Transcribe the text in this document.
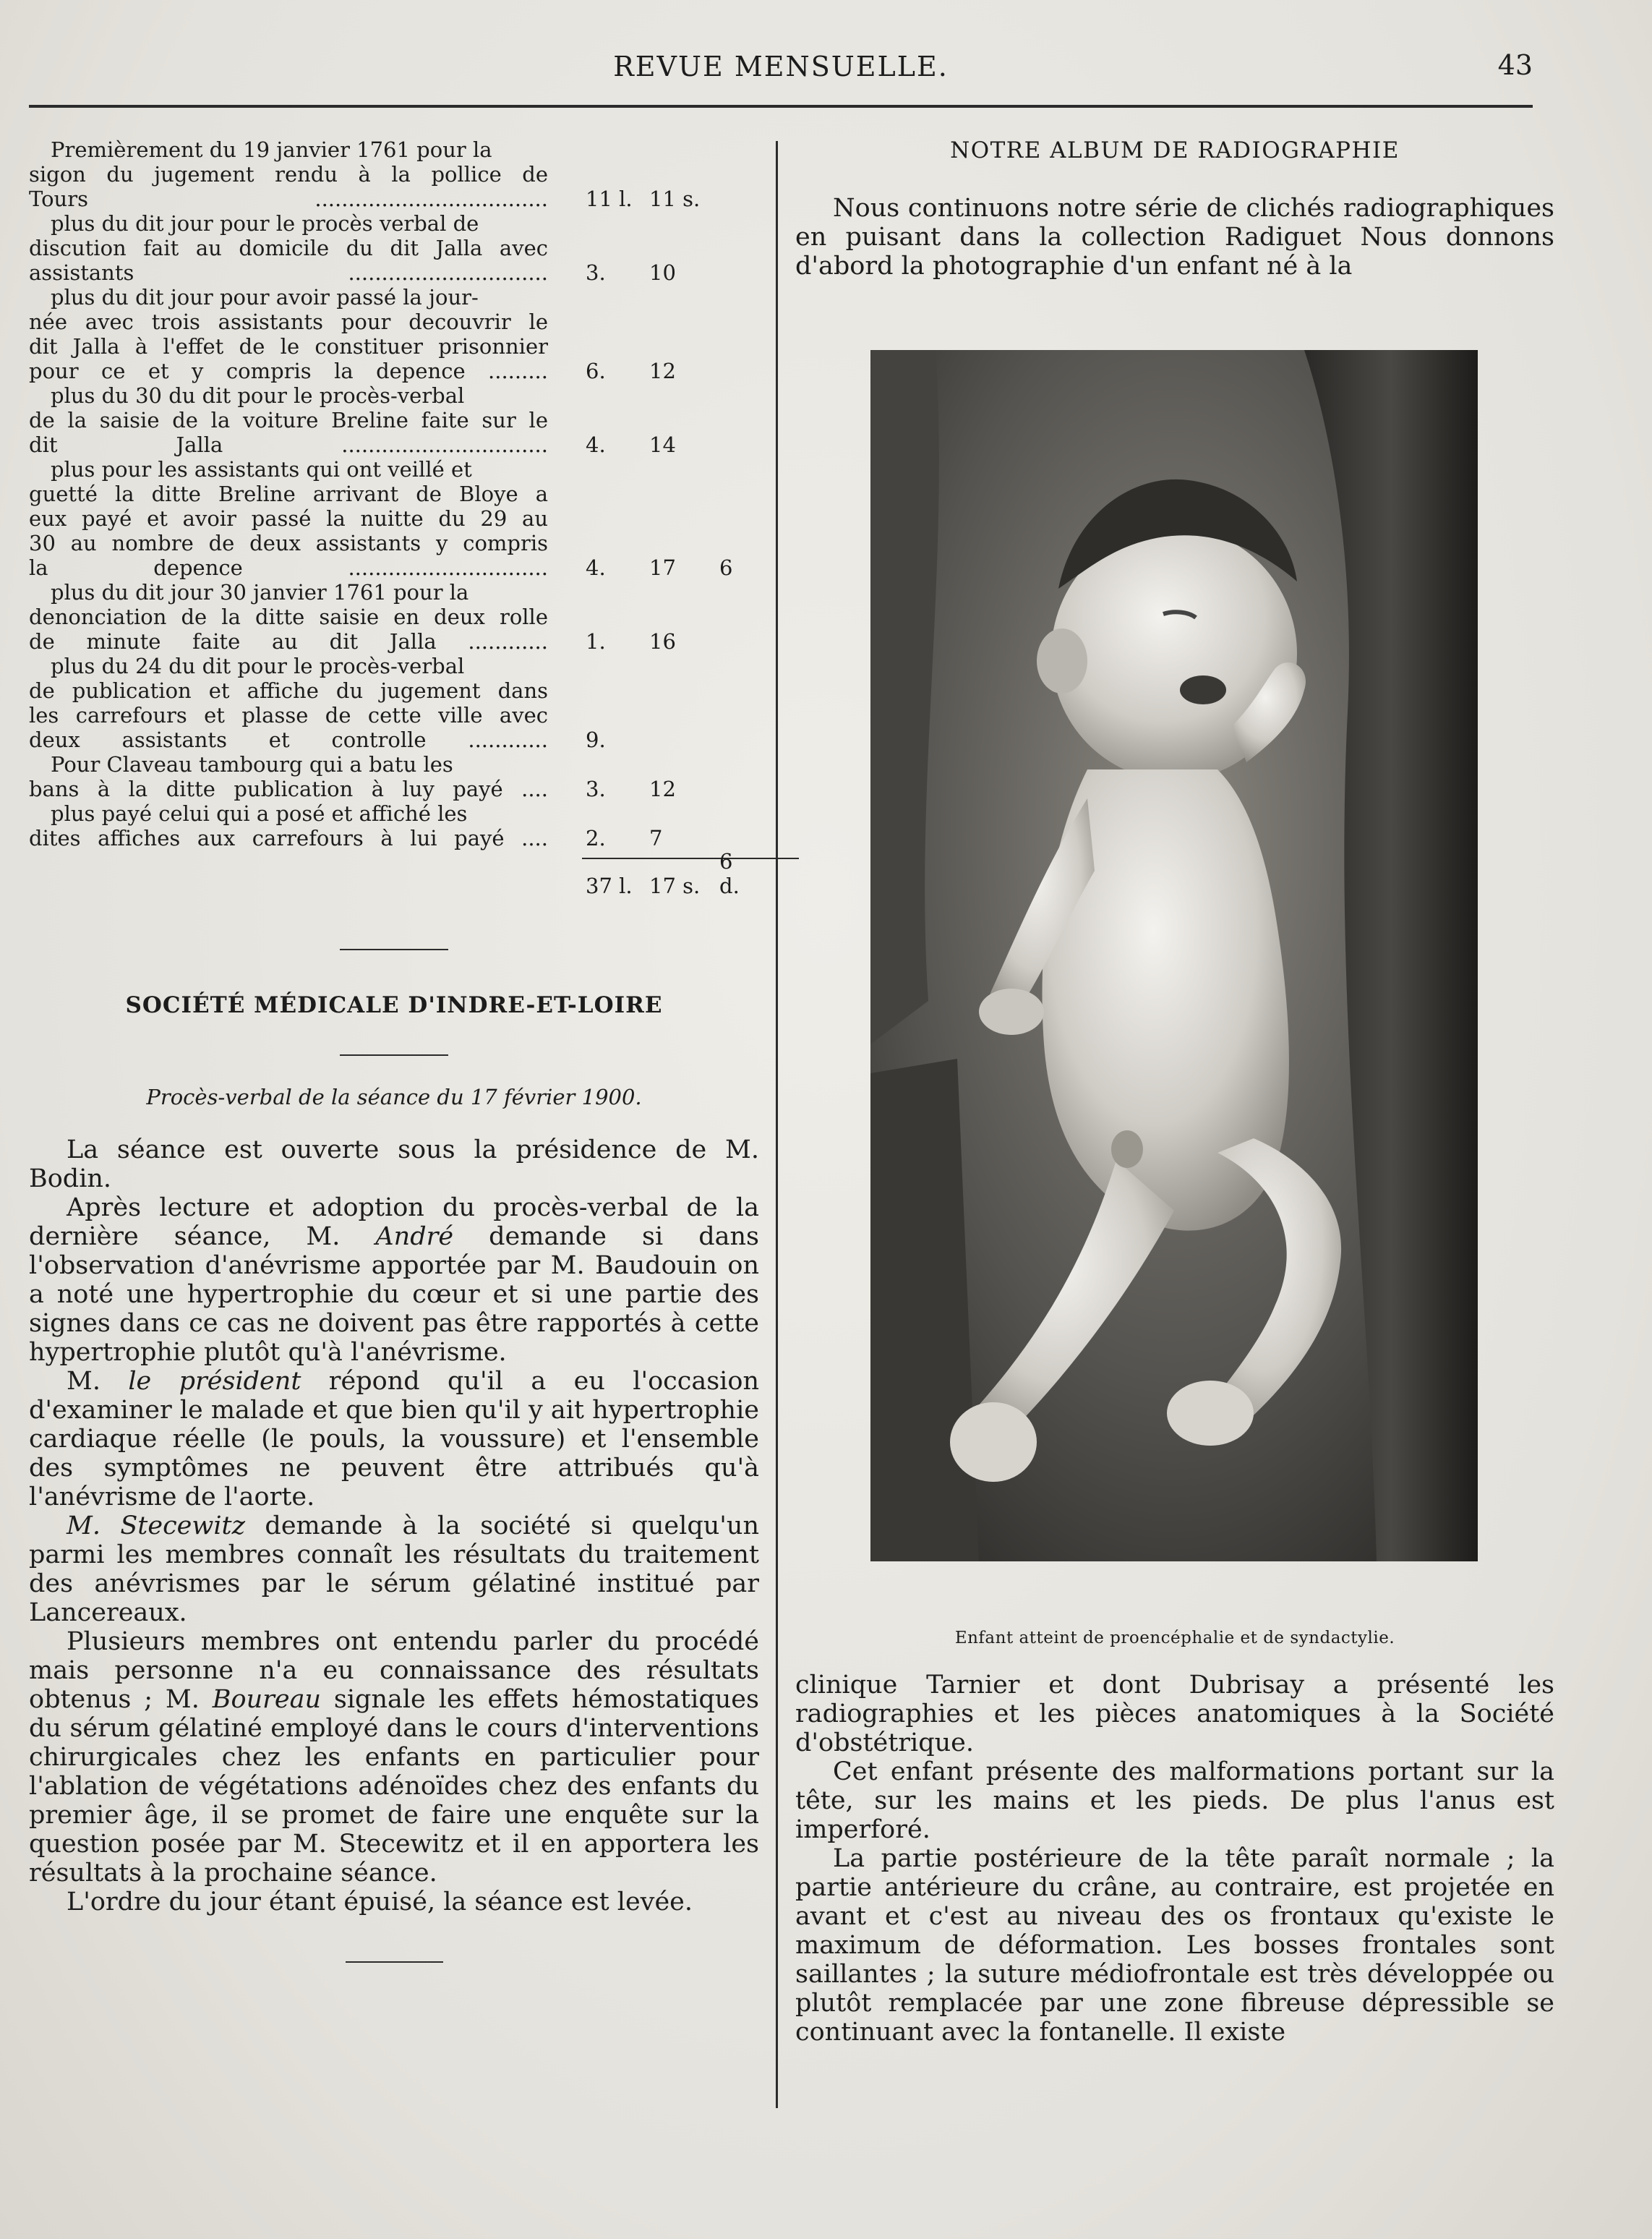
REVUE MENSUELLE.	43
Premièrement du 19 janvier 1761 pour la
sigon du jugement rendu à la pollice de
Tours ................................... 11 l. 11 s.
plus du dit jour pour le procès verbal de
discution fait au domicile du dit Jalla avec
assistants .............................. 3. 10
plus du dit jour pour avoir passé la jour-
née avec trois assistants pour decouvrir le
dit Jalla à l'effet de le constituer prisonnier
pour ce et y compris la depence ......... 6. 12
plus du 30 du dit pour le procès-verbal
de la saisie de la voiture Breline faite sur le
dit Jalla ............................... 4. 14
plus pour les assistants qui ont veillé et
guetté la ditte Breline arrivant de Bloye a
eux payé et avoir passé la nuitte du 29 au
30 au nombre de deux assistants y compris
la depence .............................. 4. 17 6
plus du dit jour 30 janvier 1761 pour la
denonciation de la ditte saisie en deux rolle
de minute faite au dit Jalla ............ 1. 16
plus du 24 du dit pour le procès-verbal
de publication et affiche du jugement dans
les carrefours et plasse de cette ville avec
deux assistants et controlle ............ 9.
Pour Claveau tambourg qui a batu les
bans à la ditte publication à luy payé .... 3. 12
plus payé celui qui a posé et affiché les
dites affiches aux carrefours à lui payé .... 2. 7
37 l. 17 s.
6 d.
SOCIÉTÉ MÉDICALE D'INDRE-ET-LOIRE
Procès-verbal de la séance du 17 février 1900.

La séance est ouverte sous la présidence de M. Bodin.

Après lecture et adoption du procès-verbal de la dernière séance, M. André demande si dans l'observation d'anévrisme apportée par M. Baudouin on a noté une hypertrophie du cœur et si une partie des signes dans ce cas ne doivent pas être rapportés à cette hypertrophie plutôt qu'à l'anévrisme.

M. le président répond qu'il a eu l'occasion d'examiner le malade et que bien qu'il y ait hypertrophie cardiaque réelle (le pouls, la voussure) et l'ensemble des symptômes ne peuvent être attribués qu'à l'anévrisme de l'aorte.

M. Stecewitz demande à la société si quelqu'un parmi les membres connaît les résultats du traitement des anévrismes par le sérum gélatiné institué par Lancereaux.

Plusieurs membres ont entendu parler du procédé mais personne n'a eu connaissance des résultats obtenus ; M. Boureau signale les effets hémostatiques du sérum gélatiné employé dans le cours d'interventions chirurgicales chez les enfants en particulier pour l'ablation de végétations adénoïdes chez des enfants du premier âge, il se promet de faire une enquête sur la question posée par M. Stecewitz et il en apportera les résultats à la prochaine séance.

L'ordre du jour étant épuisé, la séance est levée.

NOTRE ALBUM DE RADIOGRAPHIE

Nous continuons notre série de clichés radiographiques en puisant dans la collection Radiguet Nous donnons d'abord la photographie d'un enfant né à la

Enfant atteint de proencéphalie et de syndactylie.

clinique Tarnier et dont Dubrisay a présenté les radiographies et les pièces anatomiques à la Société d'obstétrique.

Cet enfant présente des malformations portant sur la tête, sur les mains et les pieds. De plus l'anus est imperforé.

La partie postérieure de la tête paraît normale ; la partie antérieure du crâne, au contraire, est projetée en avant et c'est au niveau des os frontaux qu'existe le maximum de déformation. Les bosses frontales sont saillantes ; la suture médiofrontale est très développée ou plutôt remplacée par une zone fibreuse dépressible se continuant avec la fontanelle. Il existe
